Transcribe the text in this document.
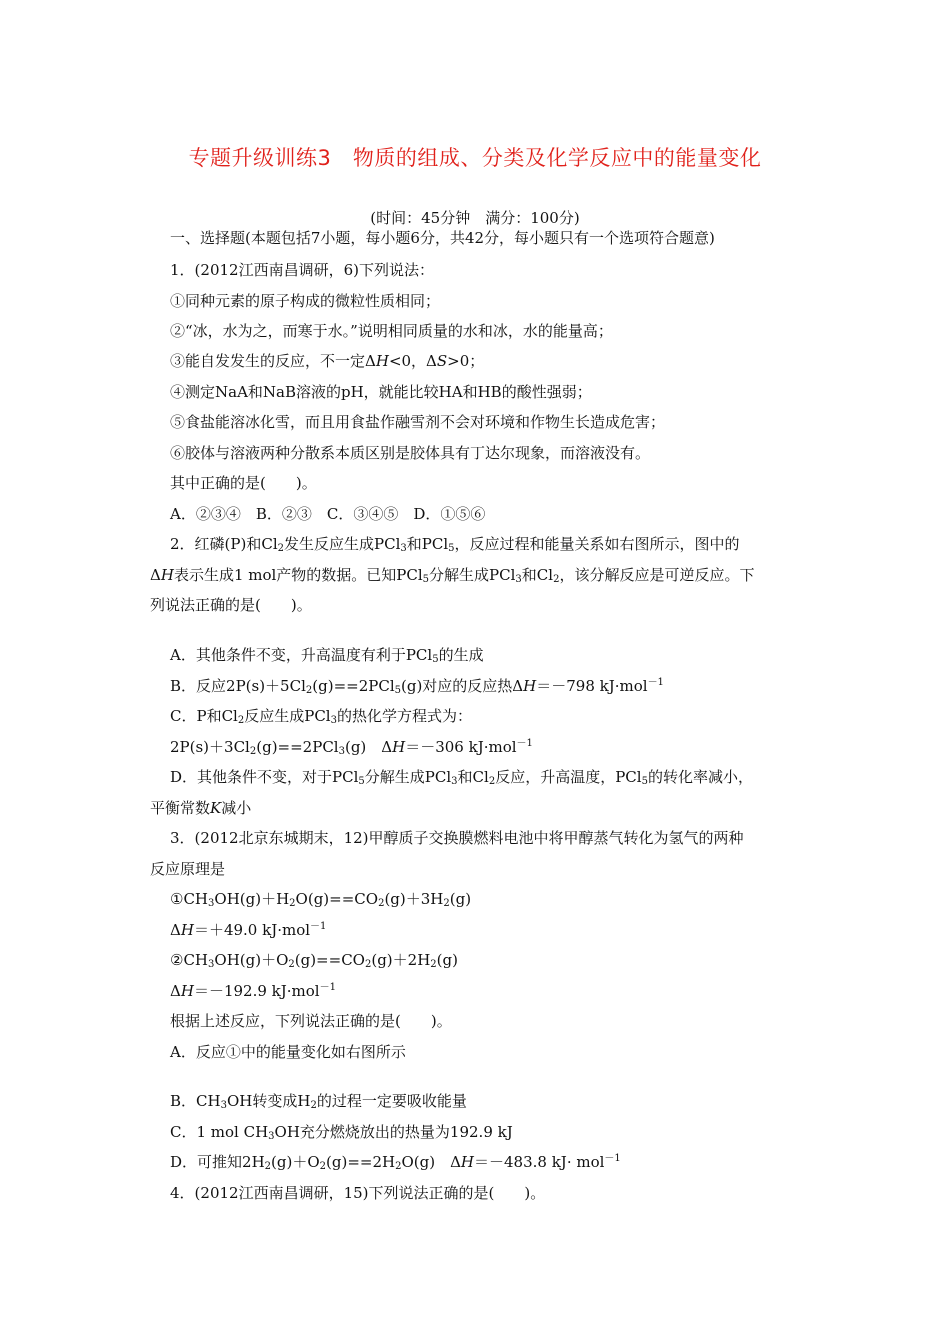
专题升级训练3　物质的组成、分类及化学反应中的能量变化
(时间：45分钟　满分：100分)
一、选择题(本题包括7小题，每小题6分，共42分，每小题只有一个选项符合题意)
1．(2012江西南昌调研，6)下列说法：
①同种元素的原子构成的微粒性质相同；
②“冰，水为之，而寒于水。”说明相同质量的水和冰，水的能量高；
③能自发发生的反应，不一定ΔH<0，ΔS>0；
④测定NaA和NaB溶液的pH，就能比较HA和HB的酸性强弱；
⑤食盐能溶冰化雪，而且用食盐作融雪剂不会对环境和作物生长造成危害；
⑥胶体与溶液两种分散系本质区别是胶体具有丁达尔现象，而溶液没有。
其中正确的是(　　)。
A．②③④　B．②③　C．③④⑤　D．①⑤⑥
2．红磷(P)和$Cl_2$发生反应生成PCl$_3$和PCl$_5$，反应过程和能量关系如右图所示，图中的
ΔH表示生成1 mol产物的数据。已知PCl$_5$分解生成PCl$_3$和$Cl_2$，该分解反应是可逆反应。下
列说法正确的是(　　)。
A．其他条件不变，升高温度有利于PCl$_5$的生成
B．反应$2P(s)+5Cl_2(g)==2PCl_5(g)$对应的反应热ΔH＝－798 kJ·mol$^{-1}$
C．P和$Cl_2$反应生成PCl$_3$的热化学方程式为：
$2P(s)+3Cl_2(g)==2PCl_3(g)$　ΔH＝－306 kJ·mol$^{-1}$
D．其他条件不变，对于PCl$_5$分解生成PCl$_3$和$Cl_2$反应，升高温度，PCl$_5$的转化率减小，
平衡常数K减小
3．(2012北京东城期末，12)甲醇质子交换膜燃料电池中将甲醇蒸气转化为氢气的两种
反应原理是
$①CH_3OH(g)+H_2O(g)==CO_2(g)+3H_2(g)$
ΔH＝＋49.0 kJ·mol$^{-1}$
$②CH_3OH(g)+O_2(g)==CO_2(g)+2H_2(g)$
ΔH＝－192.9 kJ·mol$^{-1}$
根据上述反应，下列说法正确的是(　　)。
A．反应①中的能量变化如右图所示
B．$CH_3OH$转变成$H_2$的过程一定要吸收能量
C．1 mol $CH_3OH$充分燃烧放出的热量为192.9 kJ
D．可推知$2H_2(g)+O_2(g)==2H_2O(g)$　ΔH＝－483.8 kJ· mol$^{-1}$
4．(2012江西南昌调研，15)下列说法正确的是(　　)。
